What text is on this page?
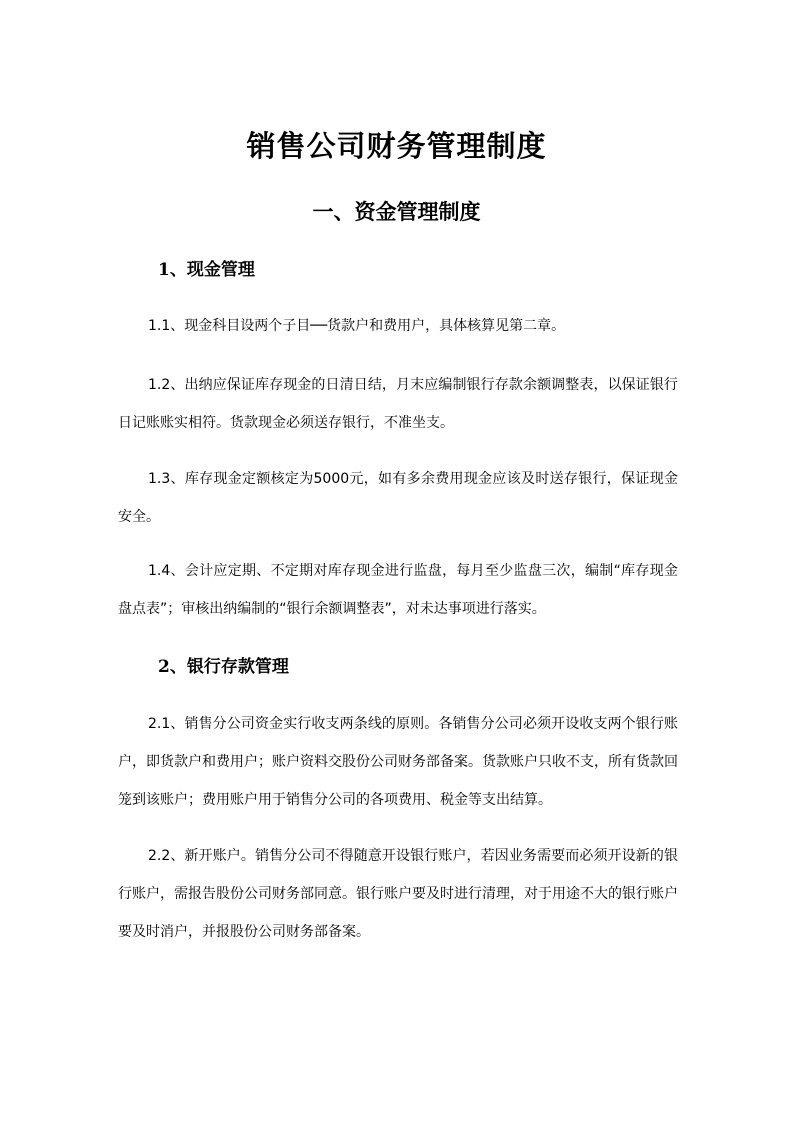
销售公司财务管理制度
一、资金管理制度
1、现金管理

1.1、现金科目设两个子目──货款户和费用户，具体核算见第二章。

1.2、出纳应保证库存现金的日清日结，月末应编制银行存款余额调整表，以保证银行日记账账实相符。货款现金必须送存银行，不准坐支。

1.3、库存现金定额核定为5000元，如有多余费用现金应该及时送存银行，保证现金安全。

1.4、会计应定期、不定期对库存现金进行监盘，每月至少监盘三次，编制“库存现金盘点表”；审核出纳编制的“银行余额调整表”，对未达事项进行落实。

2、银行存款管理

2.1、销售分公司资金实行收支两条线的原则。各销售分公司必须开设收支两个银行账户，即货款户和费用户；账户资料交股份公司财务部备案。货款账户只收不支，所有货款回笼到该账户；费用账户用于销售分公司的各项费用、税金等支出结算。

2.2、新开账户。销售分公司不得随意开设银行账户，若因业务需要而必须开设新的银行账户，需报告股份公司财务部同意。银行账户要及时进行清理，对于用途不大的银行账户要及时消户，并报股份公司财务部备案。
